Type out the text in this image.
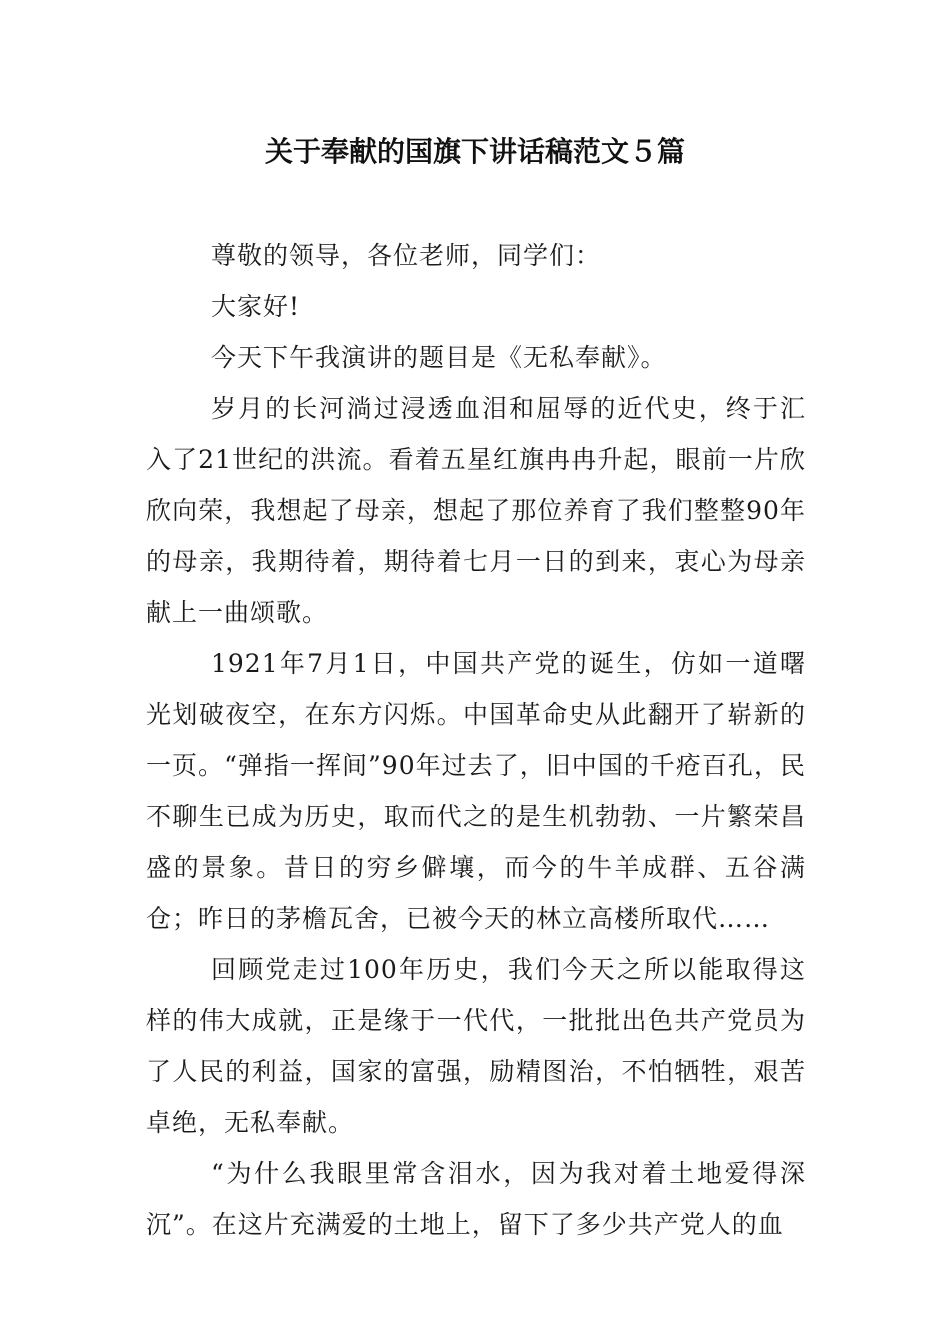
关于奉献的国旗下讲话稿范文５篇

尊敬的领导，各位老师，同学们：

大家好!

今天下午我演讲的题目是《无私奉献》。

岁月的长河淌过浸透血泪和屈辱的近代史，终于汇入了21世纪的洪流。看着五星红旗冉冉升起，眼前一片欣欣向荣，我想起了母亲，想起了那位养育了我们整整90年的母亲，我期待着，期待着七月一日的到来，衷心为母亲献上一曲颂歌。

1921年7月1日，中国共产党的诞生，仿如一道曙光划破夜空，在东方闪烁。中国革命史从此翻开了崭新的一页。“弹指一挥间”90年过去了，旧中国的千疮百孔，民不聊生已成为历史，取而代之的是生机勃勃、一片繁荣昌盛的景象。昔日的穷乡僻壤，而今的牛羊成群、五谷满仓；昨日的茅檐瓦舍，已被今天的林立高楼所取代……

回顾党走过100年历史，我们今天之所以能取得这样的伟大成就，正是缘于一代代，一批批出色共产党员为了人民的利益，国家的富强，励精图治，不怕牺牲，艰苦卓绝，无私奉献。

“为什么我眼里常含泪水，因为我对着土地爱得深沉”。在这片充满爱的土地上，留下了多少共产党人的血
